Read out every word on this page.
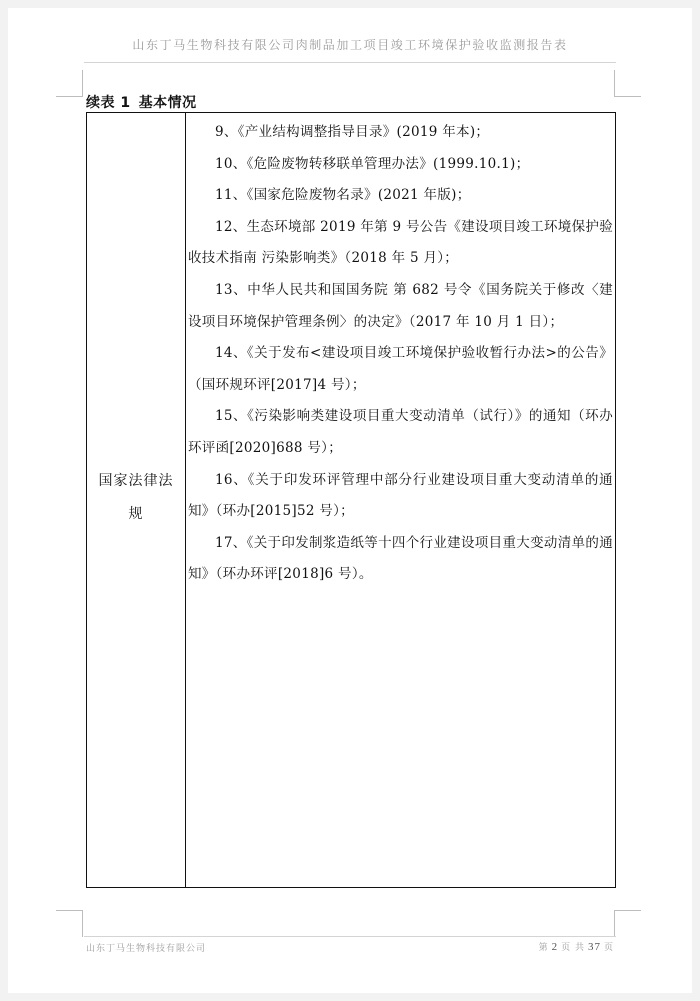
山东丁马生物科技有限公司肉制品加工项目竣工环境保护验收监测报告表
续表 1 基本情况
国家法律法
规

9、《产业结构调整指导目录》(2019 年本)；

10、《危险废物转移联单管理办法》(1999.10.1)；

11、《国家危险废物名录》(2021 年版)；

12、生态环境部 2019 年第 9 号公告《建设项目竣工环境保护验收技术指南 污染影响类》（2018 年 5 月）；

13、中华人民共和国国务院 第 682 号令《国务院关于修改〈建设项目环境保护管理条例〉的决定》（2017 年 10 月 1 日）；

14、《关于发布<建设项目竣工环境保护验收暂行办法>的公告》（国环规环评[2017]4 号）；

15、《污染影响类建设项目重大变动清单（试行）》的通知（环办环评函[2020]688 号）；

16、《关于印发环评管理中部分行业建设项目重大变动清单的通知》（环办[2015]52 号）；

17、《关于印发制浆造纸等十四个行业建设项目重大变动清单的通知》（环办环评[2018]6 号）。

山东丁马生物科技有限公司	第 2 页 共 37 页
